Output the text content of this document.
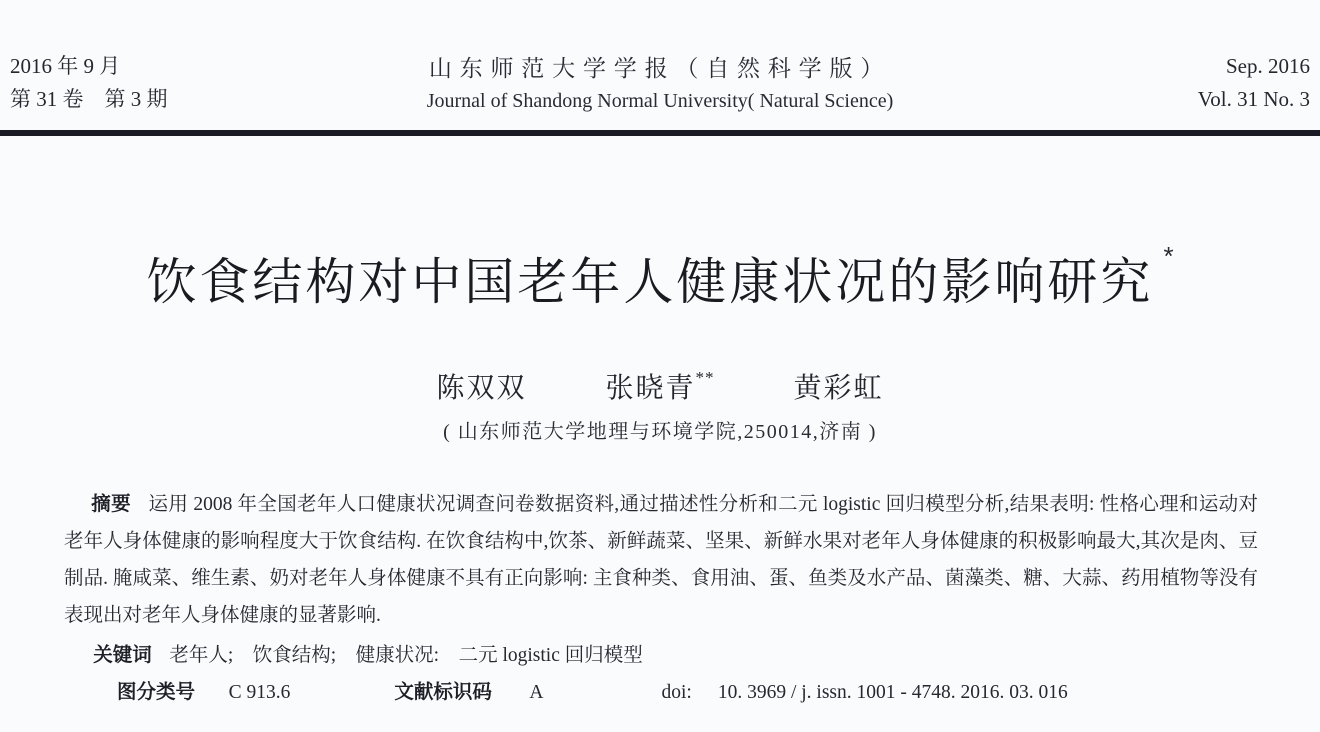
2016 年 9 月
第 31 卷　第 3 期
山东师范大学学报（自然科学版）
Journal of Shandong Normal University( Natural Science)
Sep. 2016
Vol. 31 No. 3
饮食结构对中国老年人健康状况的影响研究 *
陈双双	张晓青**	黄彩虹
( 山东师范大学地理与环境学院,250014,济南 )

摘要 运用 2008 年全国老年人口健康状况调查问卷数据资料,通过描述性分析和二元 logistic 回归模型分析,结果表明: 性格心理和运动对老年人身体健康的影响程度大于饮食结构. 在饮食结构中,饮茶、新鲜蔬菜、坚果、新鲜水果对老年人身体健康的积极影响最大,其次是肉、豆制品. 腌咸菜、维生素、奶对老年人身体健康不具有正向影响: 主食种类、食用油、蛋、鱼类及水产品、菌藻类、糖、大蒜、药用植物等没有表现出对老年人身体健康的显著影响.

关键词 老年人;　饮食结构;　健康状况:　二元 logistic 回归模型

图分类号 C 913.6	文献标识码 A	doi: 10. 3969 / j. issn. 1001 - 4748. 2016. 03. 016
